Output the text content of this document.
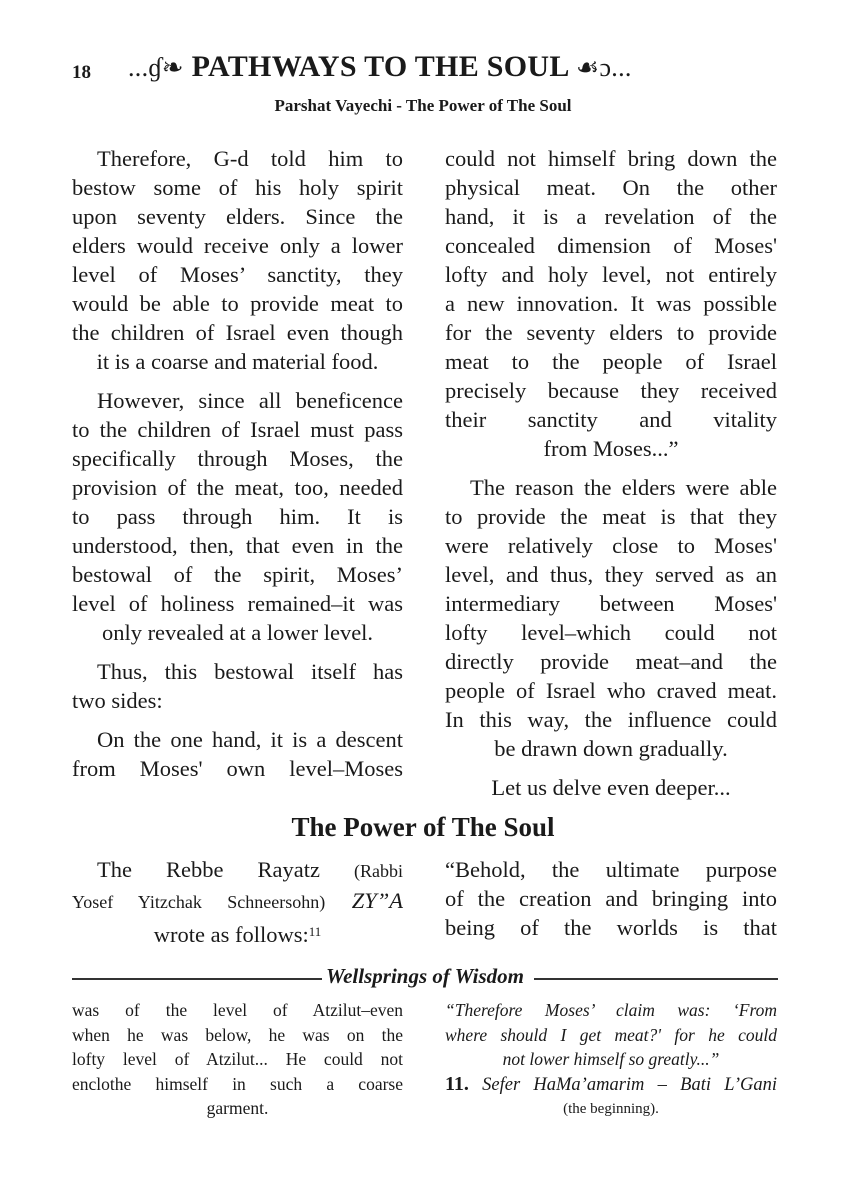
18 ...ɠ❧ PATHWAYS TO THE SOUL ☙ɔ...
Parshat Vayechi - The Power of The Soul
Therefore, G-d told him to
bestow some of his holy spirit
upon seventy elders. Since the
elders would receive only a lower
level of Moses’ sanctity, they
would be able to provide meat to
the children of Israel even though
it is a coarse and material food.
However, since all beneficence
to the children of Israel must pass
specifically through Moses, the
provision of the meat, too, needed
to pass through him. It is
understood, then, that even in the
bestowal of the spirit, Moses’
level of holiness remained–it was
only revealed at a lower level.
Thus, this bestowal itself has
two sides:
On the one hand, it is a descent
from Moses' own level–Moses
could not himself bring down the
physical meat. On the other
hand, it is a revelation of the
concealed dimension of Moses'
lofty and holy level, not entirely
a new innovation. It was possible
for the seventy elders to provide
meat to the people of Israel
precisely because they received
their sanctity and vitality
from Moses...”
The reason the elders were able
to provide the meat is that they
were relatively close to Moses'
level, and thus, they served as an
intermediary between Moses'
lofty level–which could not
directly provide meat–and the
people of Israel who craved meat.
In this way, the influence could
be drawn down gradually.
Let us delve even deeper...
The Power of The Soul
The Rebbe Rayatz (Rabbi
Yosef Yitzchak Schneersohn) ZY”A
wrote as follows:$^{11}$
“Behold, the ultimate purpose
of the creation and bringing into
being of the worlds is that
Wellsprings of Wisdom
was of the level of Atzilut–even
when he was below, he was on the
lofty level of Atzilut... He could not
enclothe himself in such a coarse
garment.
“Therefore Moses’ claim was: ‘From
where should I get meat?' for he could
not lower himself so greatly...”
11. Sefer HaMa’amarim – Bati L’Gani
(the beginning).
